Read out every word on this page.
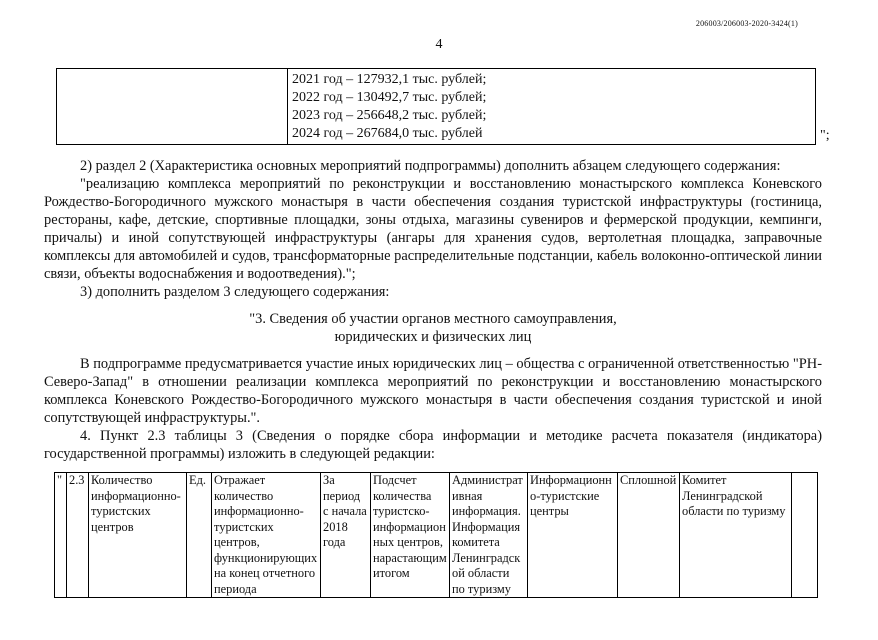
206003/206003-2020-3424(1)
4

2021 год – 127932,1 тыс. рублей;
2022 год – 130492,7 тыс. рублей;
2023 год – 256648,2 тыс. рублей;
2024 год – 267684,0 тыс. рублей	";

2) раздел 2 (Характеристика основных мероприятий подпрограммы) дополнить абзацем следующего содержания:

"реализацию комплекса мероприятий по реконструкции и восстановлению монастырского комплекса Коневского Рождество-Богородичного мужского монастыря в части обеспечения создания туристской инфраструктуры (гостиница, рестораны, кафе, детские, спортивные площадки, зоны отдыха, магазины сувениров и фермерской продукции, кемпинги, причалы) и иной сопутствующей инфраструктуры (ангары для хранения судов, вертолетная площадка, заправочные комплексы для автомобилей и судов, трансформаторные распределительные подстанции, кабель волоконно-оптической линии связи, объекты водоснабжения и водоотведения).";

3) дополнить разделом 3 следующего содержания:

"3. Сведения об участии органов местного самоуправления,

юридических и физических лиц

В подпрограмме предусматривается участие иных юридических лиц – общества с ограниченной ответственностью "РН-Северо-Запад" в отношении реализации комплекса мероприятий по реконструкции и восстановлению монастырского комплекса Коневского Рождество-Богородичного мужского монастыря в части обеспечения создания туристской и иной сопутствующей инфраструктуры.".

4. Пункт 2.3 таблицы 3 (Сведения о порядке сбора информации и методике расчета показателя (индикатора) государственной программы) изложить в следующей редакции:

"	2.3	Количество информационно-туристских центров	Ед.	Отражает количество информационно-туристских центров, функционирующих на конец отчетного периода	За период с начала 2018 года	Подсчет количества туристско-информационных центров, нарастающим итогом	Административная информация. Информация комитета Ленинградской области по туризму	Информационно-туристские центры	Сплошной	Комитет Ленинградской области по туризму	
